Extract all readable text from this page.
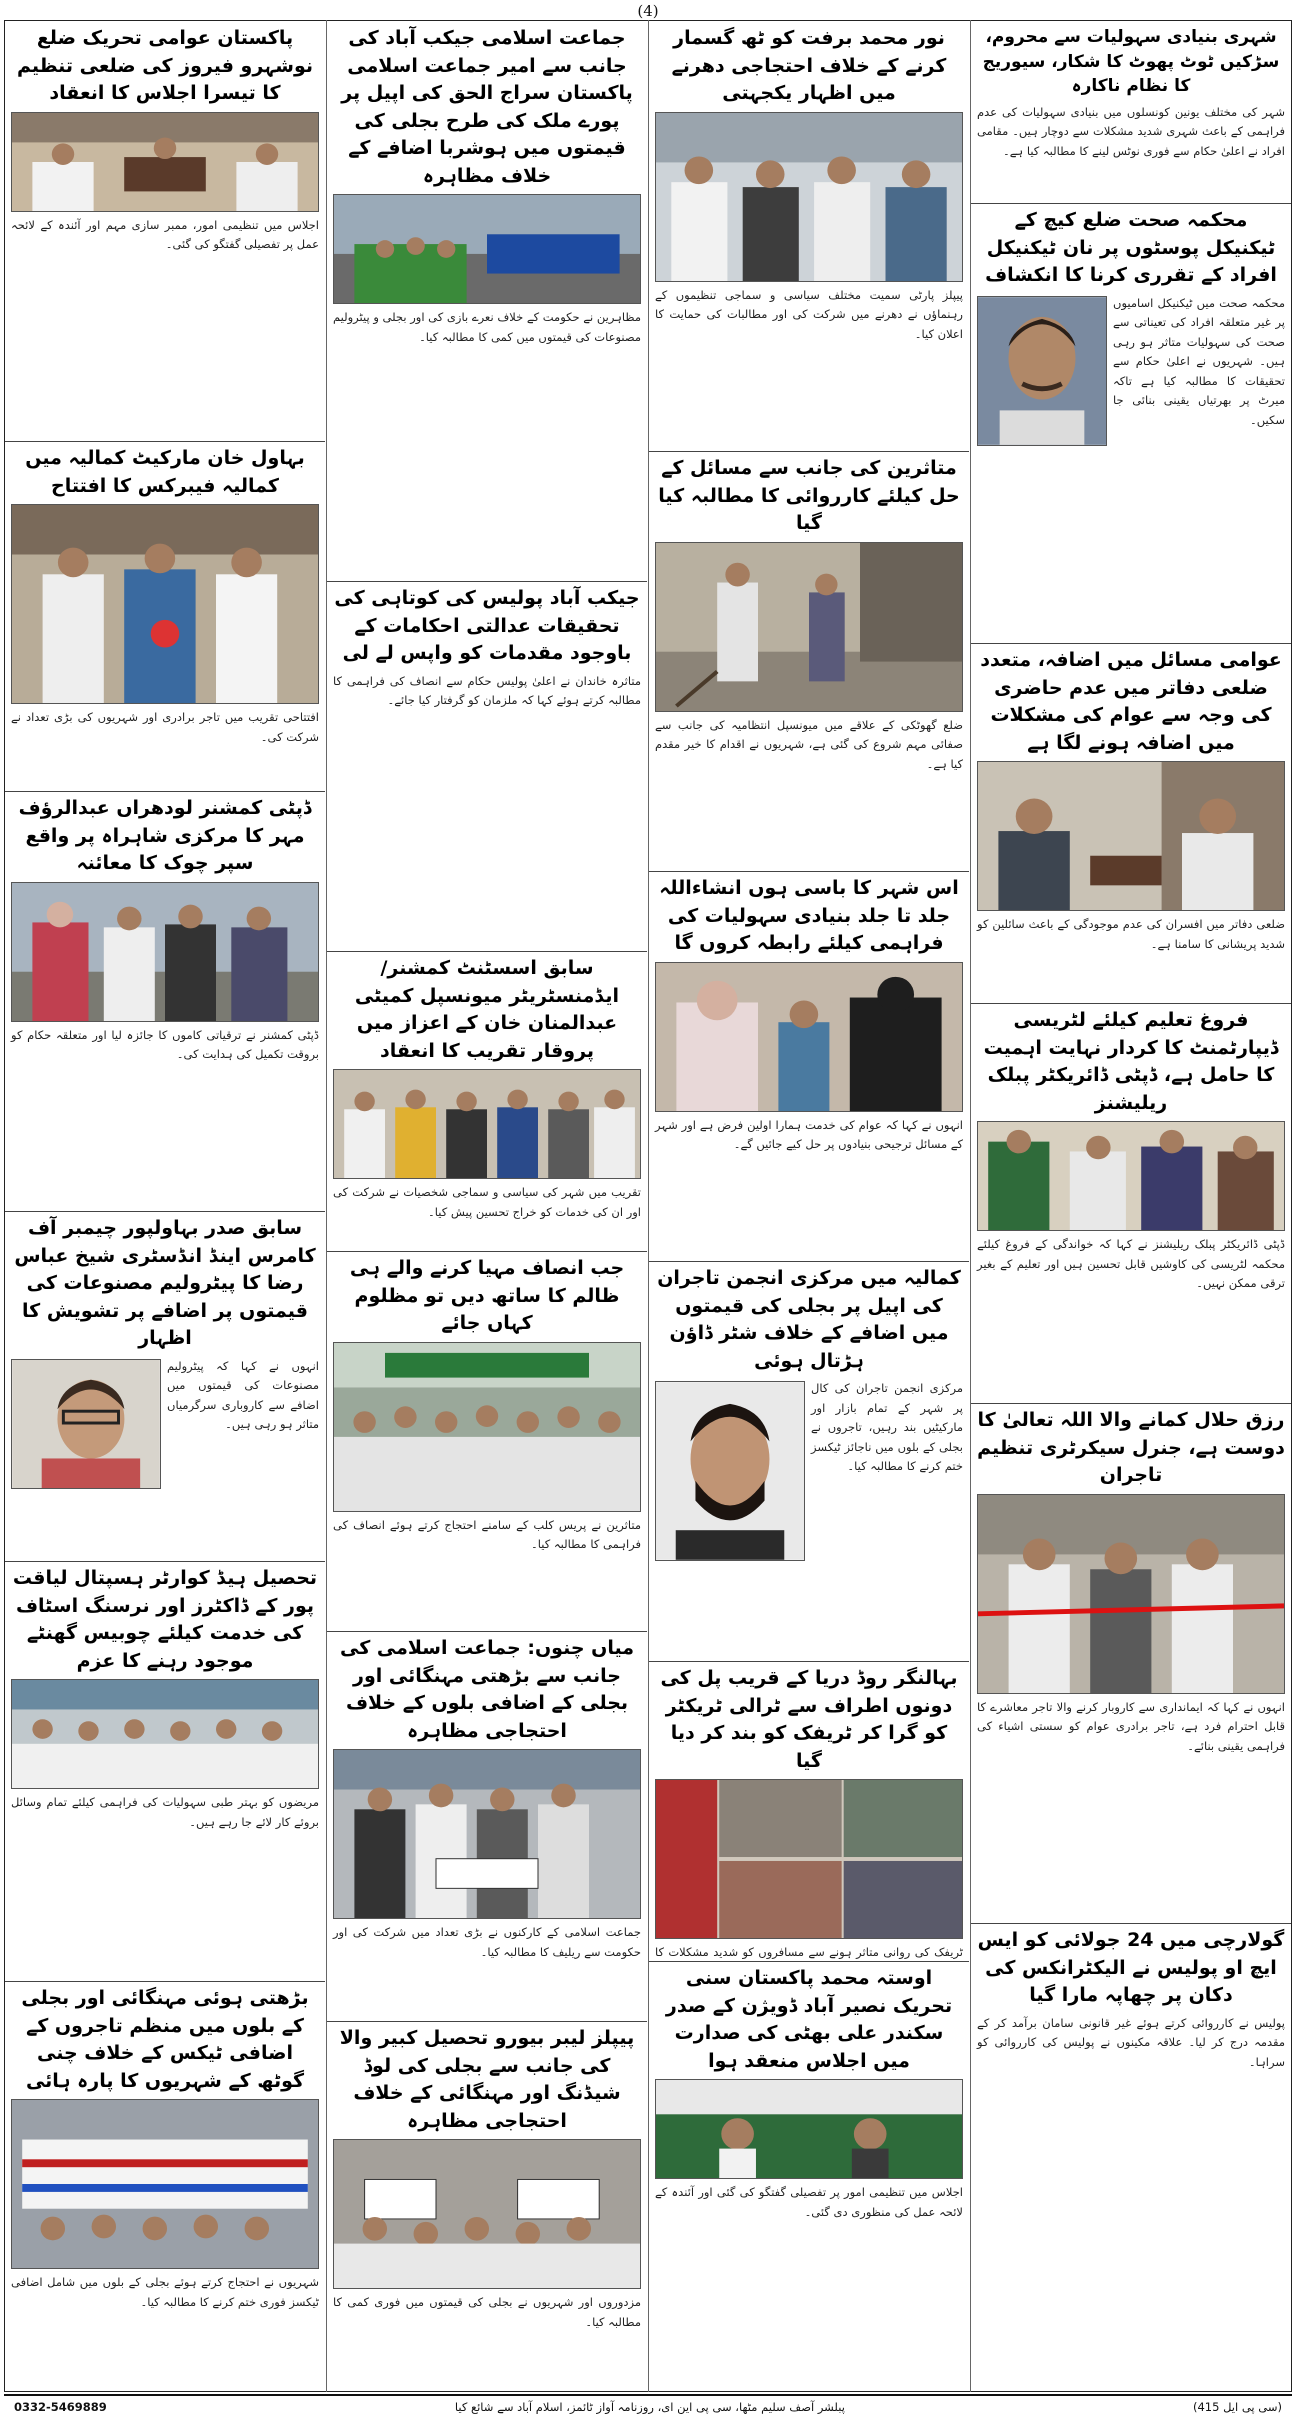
(4)
شہری بنیادی سہولیات سے محروم، سڑکیں ٹوٹ پھوٹ کا شکار، سیوریج کا نظام ناکارہ
شہر کی مختلف یونین کونسلوں میں بنیادی سہولیات کی عدم فراہمی کے باعث شہری شدید مشکلات سے دوچار ہیں۔ مقامی افراد نے اعلیٰ حکام سے فوری نوٹس لینے کا مطالبہ کیا ہے۔
محکمہ صحت ضلع کیچ کے ٹیکنیکل پوسٹوں پر نان ٹیکنیکل افراد کے تقرری کرنا کا انکشاف
محکمہ صحت میں ٹیکنیکل اسامیوں پر غیر متعلقہ افراد کی تعیناتی سے صحت کی سہولیات متاثر ہو رہی ہیں۔ شہریوں نے اعلیٰ حکام سے تحقیقات کا مطالبہ کیا ہے تاکہ میرٹ پر بھرتیاں یقینی بنائی جا سکیں۔
عوامی مسائل میں اضافہ، متعدد ضلعی دفاتر میں عدم حاضری کی وجہ سے عوام کی مشکلات میں اضافہ ہونے لگا ہے
ضلعی دفاتر میں افسران کی عدم موجودگی کے باعث سائلین کو شدید پریشانی کا سامنا ہے۔
فروغ تعلیم کیلئے لٹریسی ڈیپارٹمنٹ کا کردار نہایت اہمیت کا حامل ہے، ڈپٹی ڈائریکٹر پبلک ریلیشنز
ڈپٹی ڈائریکٹر پبلک ریلیشنز نے کہا کہ خواندگی کے فروغ کیلئے محکمہ لٹریسی کی کاوشیں قابل تحسین ہیں اور تعلیم کے بغیر ترقی ممکن نہیں۔
رزق حلال کمانے والا اللہ تعالیٰ کا دوست ہے، جنرل سیکرٹری تنظیم تاجران
انہوں نے کہا کہ ایمانداری سے کاروبار کرنے والا تاجر معاشرے کا قابل احترام فرد ہے، تاجر برادری عوام کو سستی اشیاء کی فراہمی یقینی بنائے۔
گولارچی میں 24 جولائی کو ایس ایچ او پولیس نے الیکٹرانکس کی دکان پر چھاپہ مارا گیا
پولیس نے کارروائی کرتے ہوئے غیر قانونی سامان برآمد کر کے مقدمہ درج کر لیا۔ علاقہ مکینوں نے پولیس کی کارروائی کو سراہا۔
نور محمد برفت کو ٹھ گسمار کرنے کے خلاف احتجاجی دھرنے میں اظہار یکجہتی
پیپلز پارٹی سمیت مختلف سیاسی و سماجی تنظیموں کے رہنماؤں نے دھرنے میں شرکت کی اور مطالبات کی حمایت کا اعلان کیا۔
متاثرین کی جانب سے مسائل کے حل کیلئے کارروائی کا مطالبہ کیا گیا
ضلع گھوٹکی کے علاقے میں میونسپل انتظامیہ کی جانب سے صفائی مہم شروع کی گئی ہے، شہریوں نے اقدام کا خیر مقدم کیا ہے۔
اس شہر کا باسی ہوں انشاءاللہ جلد تا جلد بنیادی سہولیات کی فراہمی کیلئے رابطہ کروں گا
انہوں نے کہا کہ عوام کی خدمت ہمارا اولین فرض ہے اور شہر کے مسائل ترجیحی بنیادوں پر حل کیے جائیں گے۔
کمالیہ میں مرکزی انجمن تاجران کی اپیل پر بجلی کی قیمتوں میں اضافے کے خلاف شٹر ڈاؤن ہڑتال ہوئی
مرکزی انجمن تاجران کی کال پر شہر کے تمام بازار اور مارکیٹیں بند رہیں، تاجروں نے بجلی کے بلوں میں ناجائز ٹیکسز ختم کرنے کا مطالبہ کیا۔
بہالنگر روڈ دریا کے قریب پل کی دونوں اطراف سے ٹرالی ٹریکٹر کو گرا کر ٹریفک کو بند کر دیا گیا
ٹریفک کی روانی متاثر ہونے سے مسافروں کو شدید مشکلات کا
اوستہ محمد پاکستان سنی تحریک نصیر آباد ڈویژن کے صدر سکندر علی بھٹی کی صدارت میں اجلاس منعقد ہوا
اجلاس میں تنظیمی امور پر تفصیلی گفتگو کی گئی اور آئندہ کے لائحہ عمل کی منظوری دی گئی۔
جماعت اسلامی جیکب آباد کی جانب سے امیر جماعت اسلامی پاکستان سراج الحق کی اپیل پر پورے ملک کی طرح بجلی کی قیمتوں میں ہوشربا اضافے کے خلاف مظاہرہ
مظاہرین نے حکومت کے خلاف نعرے بازی کی اور بجلی و پیٹرولیم مصنوعات کی قیمتوں میں کمی کا مطالبہ کیا۔
جیکب آباد پولیس کی کوتاہی کی تحقیقات عدالتی احکامات کے باوجود مقدمات کو واپس لے لی
متاثرہ خاندان نے اعلیٰ پولیس حکام سے انصاف کی فراہمی کا مطالبہ کرتے ہوئے کہا کہ ملزمان کو گرفتار کیا جائے۔
سابق اسسٹنٹ کمشنر/ ایڈمنسٹریٹر میونسپل کمیٹی عبدالمنان خان کے اعزاز میں پروقار تقریب کا انعقاد
تقریب میں شہر کی سیاسی و سماجی شخصیات نے شرکت کی اور ان کی خدمات کو خراج تحسین پیش کیا۔
جب انصاف مہیا کرنے والے ہی ظالم کا ساتھ دیں تو مظلوم کہاں جائے
متاثرین نے پریس کلب کے سامنے احتجاج کرتے ہوئے انصاف کی فراہمی کا مطالبہ کیا۔
میاں چنوں: جماعت اسلامی کی جانب سے بڑھتی مہنگائی اور بجلی کے اضافی بلوں کے خلاف احتجاجی مظاہرہ
جماعت اسلامی کے کارکنوں نے بڑی تعداد میں شرکت کی اور حکومت سے ریلیف کا مطالبہ کیا۔
پیپلز لیبر بیورو تحصیل کبیر والا کی جانب سے بجلی کی لوڈ شیڈنگ اور مہنگائی کے خلاف احتجاجی مظاہرہ
مزدوروں اور شہریوں نے بجلی کی قیمتوں میں فوری کمی کا مطالبہ کیا۔
پاکستان عوامی تحریک ضلع نوشہرو فیروز کی ضلعی تنظیم کا تیسرا اجلاس کا انعقاد
اجلاس میں تنظیمی امور، ممبر سازی مہم اور آئندہ کے لائحہ عمل پر تفصیلی گفتگو کی گئی۔
بہاول خان مارکیٹ کمالیہ میں کمالیہ فیبرکس کا افتتاح
افتتاحی تقریب میں تاجر برادری اور شہریوں کی بڑی تعداد نے شرکت کی۔
ڈپٹی کمشنر لودھراں عبدالرؤف مہر کا مرکزی شاہراہ پر واقع سپر چوک کا معائنہ
ڈپٹی کمشنر نے ترقیاتی کاموں کا جائزہ لیا اور متعلقہ حکام کو بروقت تکمیل کی ہدایت کی۔
سابق صدر بہاولپور چیمبر آف کامرس اینڈ انڈسٹری شیخ عباس رضا کا پیٹرولیم مصنوعات کی قیمتوں پر اضافے پر تشویش کا اظہار
انہوں نے کہا کہ پیٹرولیم مصنوعات کی قیمتوں میں اضافے سے کاروباری سرگرمیاں متاثر ہو رہی ہیں۔
تحصیل ہیڈ کوارٹر ہسپتال لیاقت پور کے ڈاکٹرز اور نرسنگ اسٹاف کی خدمت کیلئے چوبیس گھنٹے موجود رہنے کا عزم
مریضوں کو بہتر طبی سہولیات کی فراہمی کیلئے تمام وسائل بروئے کار لائے جا رہے ہیں۔
بڑھتی ہوئی مہنگائی اور بجلی کے بلوں میں منظم تاجروں کے اضافی ٹیکس کے خلاف چنی گوٹھ کے شہریوں کا پارہ ہائی
شہریوں نے احتجاج کرتے ہوئے بجلی کے بلوں میں شامل اضافی ٹیکسز فوری ختم کرنے کا مطالبہ کیا۔
(سی پی ایل 415)
پبلشر آصف سلیم مٹھا، سی پی این ای، روزنامہ آواز ٹائمز، اسلام آباد سے شائع کیا
0332-5469889
